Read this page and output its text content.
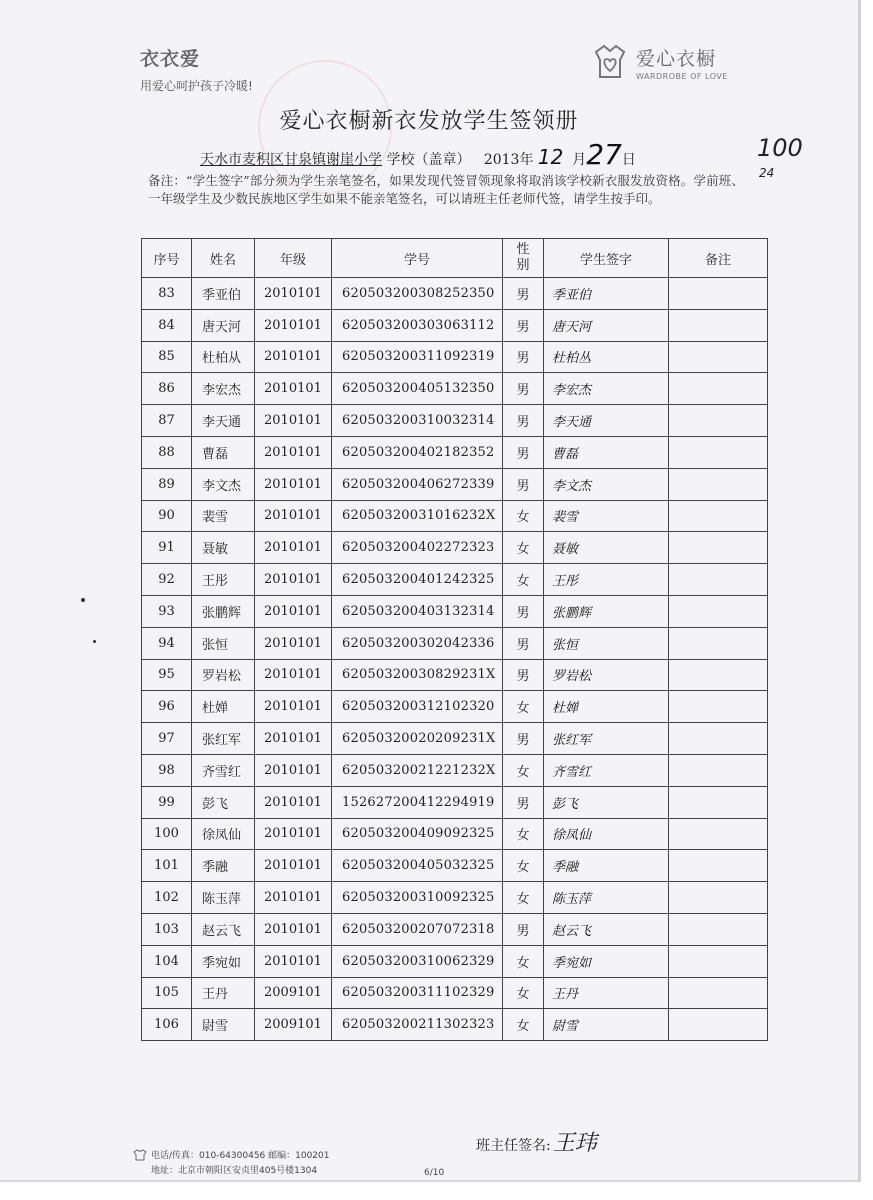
衣衣爱
用爱心呵护孩子冷暖!
爱心衣橱
WARDROBE OF LOVE
爱心衣橱新衣发放学生签领册
天水市麦积区甘泉镇谢崖小学 学校（盖章） 2013年 12 月27日	100
24
备注：“学生签字”部分须为学生亲笔签名，如果发现代签冒领现象将取消该学校新衣服发放资格。学前班、一年级学生及少数民族地区学生如果不能亲笔签名，可以请班主任老师代签，请学生按手印。
序号	姓名	年级	学号	性别	学生签字	备注
83	季亚伯	2010101	620503200308252350	男	季亚伯	
84	唐天河	2010101	620503200303063112	男	唐天河	
85	杜柏从	2010101	620503200311092319	男	杜柏丛	
86	李宏杰	2010101	620503200405132350	男	李宏杰	
87	李天通	2010101	620503200310032314	男	李天通	
88	曹磊	2010101	620503200402182352	男	曹磊	
89	李文杰	2010101	620503200406272339	男	李文杰	
90	裴雪	2010101	62050320031016232X	女	裴雪	
91	聂敏	2010101	620503200402272323	女	聂敏	
92	王彤	2010101	620503200401242325	女	王彤	
93	张鹏辉	2010101	620503200403132314	男	张鹏辉	
94	张恒	2010101	620503200302042336	男	张恒	
95	罗岩松	2010101	62050320030829231X	男	罗岩松	
96	杜婵	2010101	620503200312102320	女	杜婵	
97	张红军	2010101	62050320020209231X	男	张红军	
98	齐雪红	2010101	62050320021221232X	女	齐雪红	
99	彭飞	2010101	152627200412294919	男	彭飞	
100	徐凤仙	2010101	620503200409092325	女	徐凤仙	
101	季融	2010101	620503200405032325	女	季融	
102	陈玉萍	2010101	620503200310092325	女	陈玉萍	
103	赵云飞	2010101	620503200207072318	男	赵云飞	
104	季宛如	2010101	620503200310062329	女	季宛如	
105	王丹	2009101	620503200311102329	女	王丹	
106	尉雪	2009101	620503200211302323	女	尉雪	
班主任签名:王玮
电话/传真：010-64300456 邮编：100201
地址：北京市朝阳区安贞里405号楼1304	6/10
